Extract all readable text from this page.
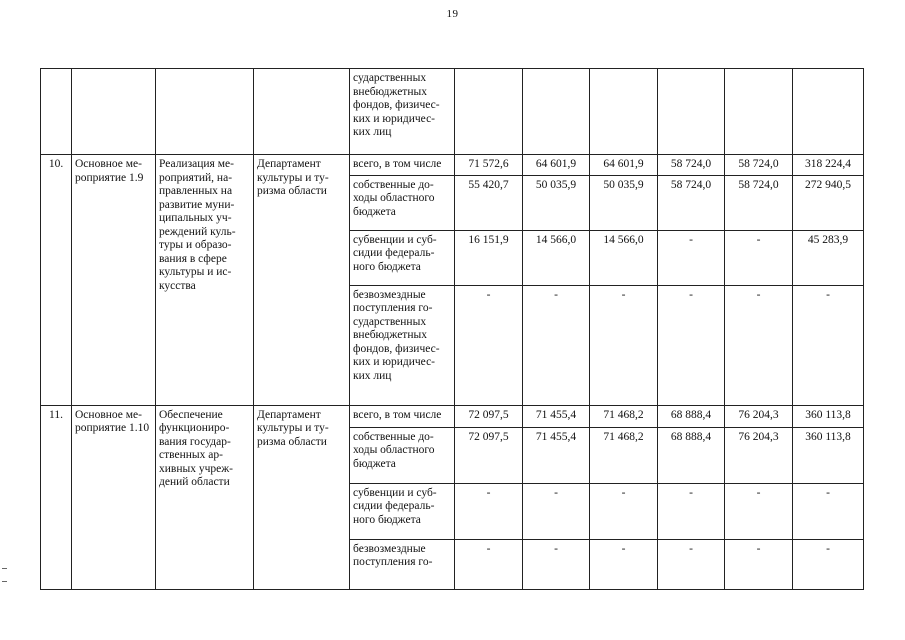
19
				сударственных внебюджетных фондов, физичес- ких и юридичес- ких лиц						
10.	Основное ме- роприятие 1.9	Реализация ме- роприятий, на- правленных на развитие муни- ципальных уч- реждений куль- туры и образо- вания в сфере культуры и ис- кусства	Департамент культуры и ту- ризма области	всего, в том числе	71 572,6	64 601,9	64 601,9	58 724,0	58 724,0	318 224,4
				собственные до- ходы областного бюджета	55 420,7	50 035,9	50 035,9	58 724,0	58 724,0	272 940,5
				субвенции и суб- сидии федераль- ного бюджета	16 151,9	14 566,0	14 566,0	-	-	45 283,9
				безвозмездные поступления го- сударственных внебюджетных фондов, физичес- ких и юридичес- ких лиц	-	-	-	-	-	-
11.	Основное ме- роприятие 1.10	Обеспечение функциониро- вания государ- ственных ар- хивных учреж- дений области	Департамент культуры и ту- ризма области	всего, в том числе	72 097,5	71 455,4	71 468,2	68 888,4	76 204,3	360 113,8
				собственные до- ходы областного бюджета	72 097,5	71 455,4	71 468,2	68 888,4	76 204,3	360 113,8
				субвенции и суб- сидии федераль- ного бюджета	-	-	-	-	-	-
				безвозмездные поступления го-	-	-	-	-	-	-
